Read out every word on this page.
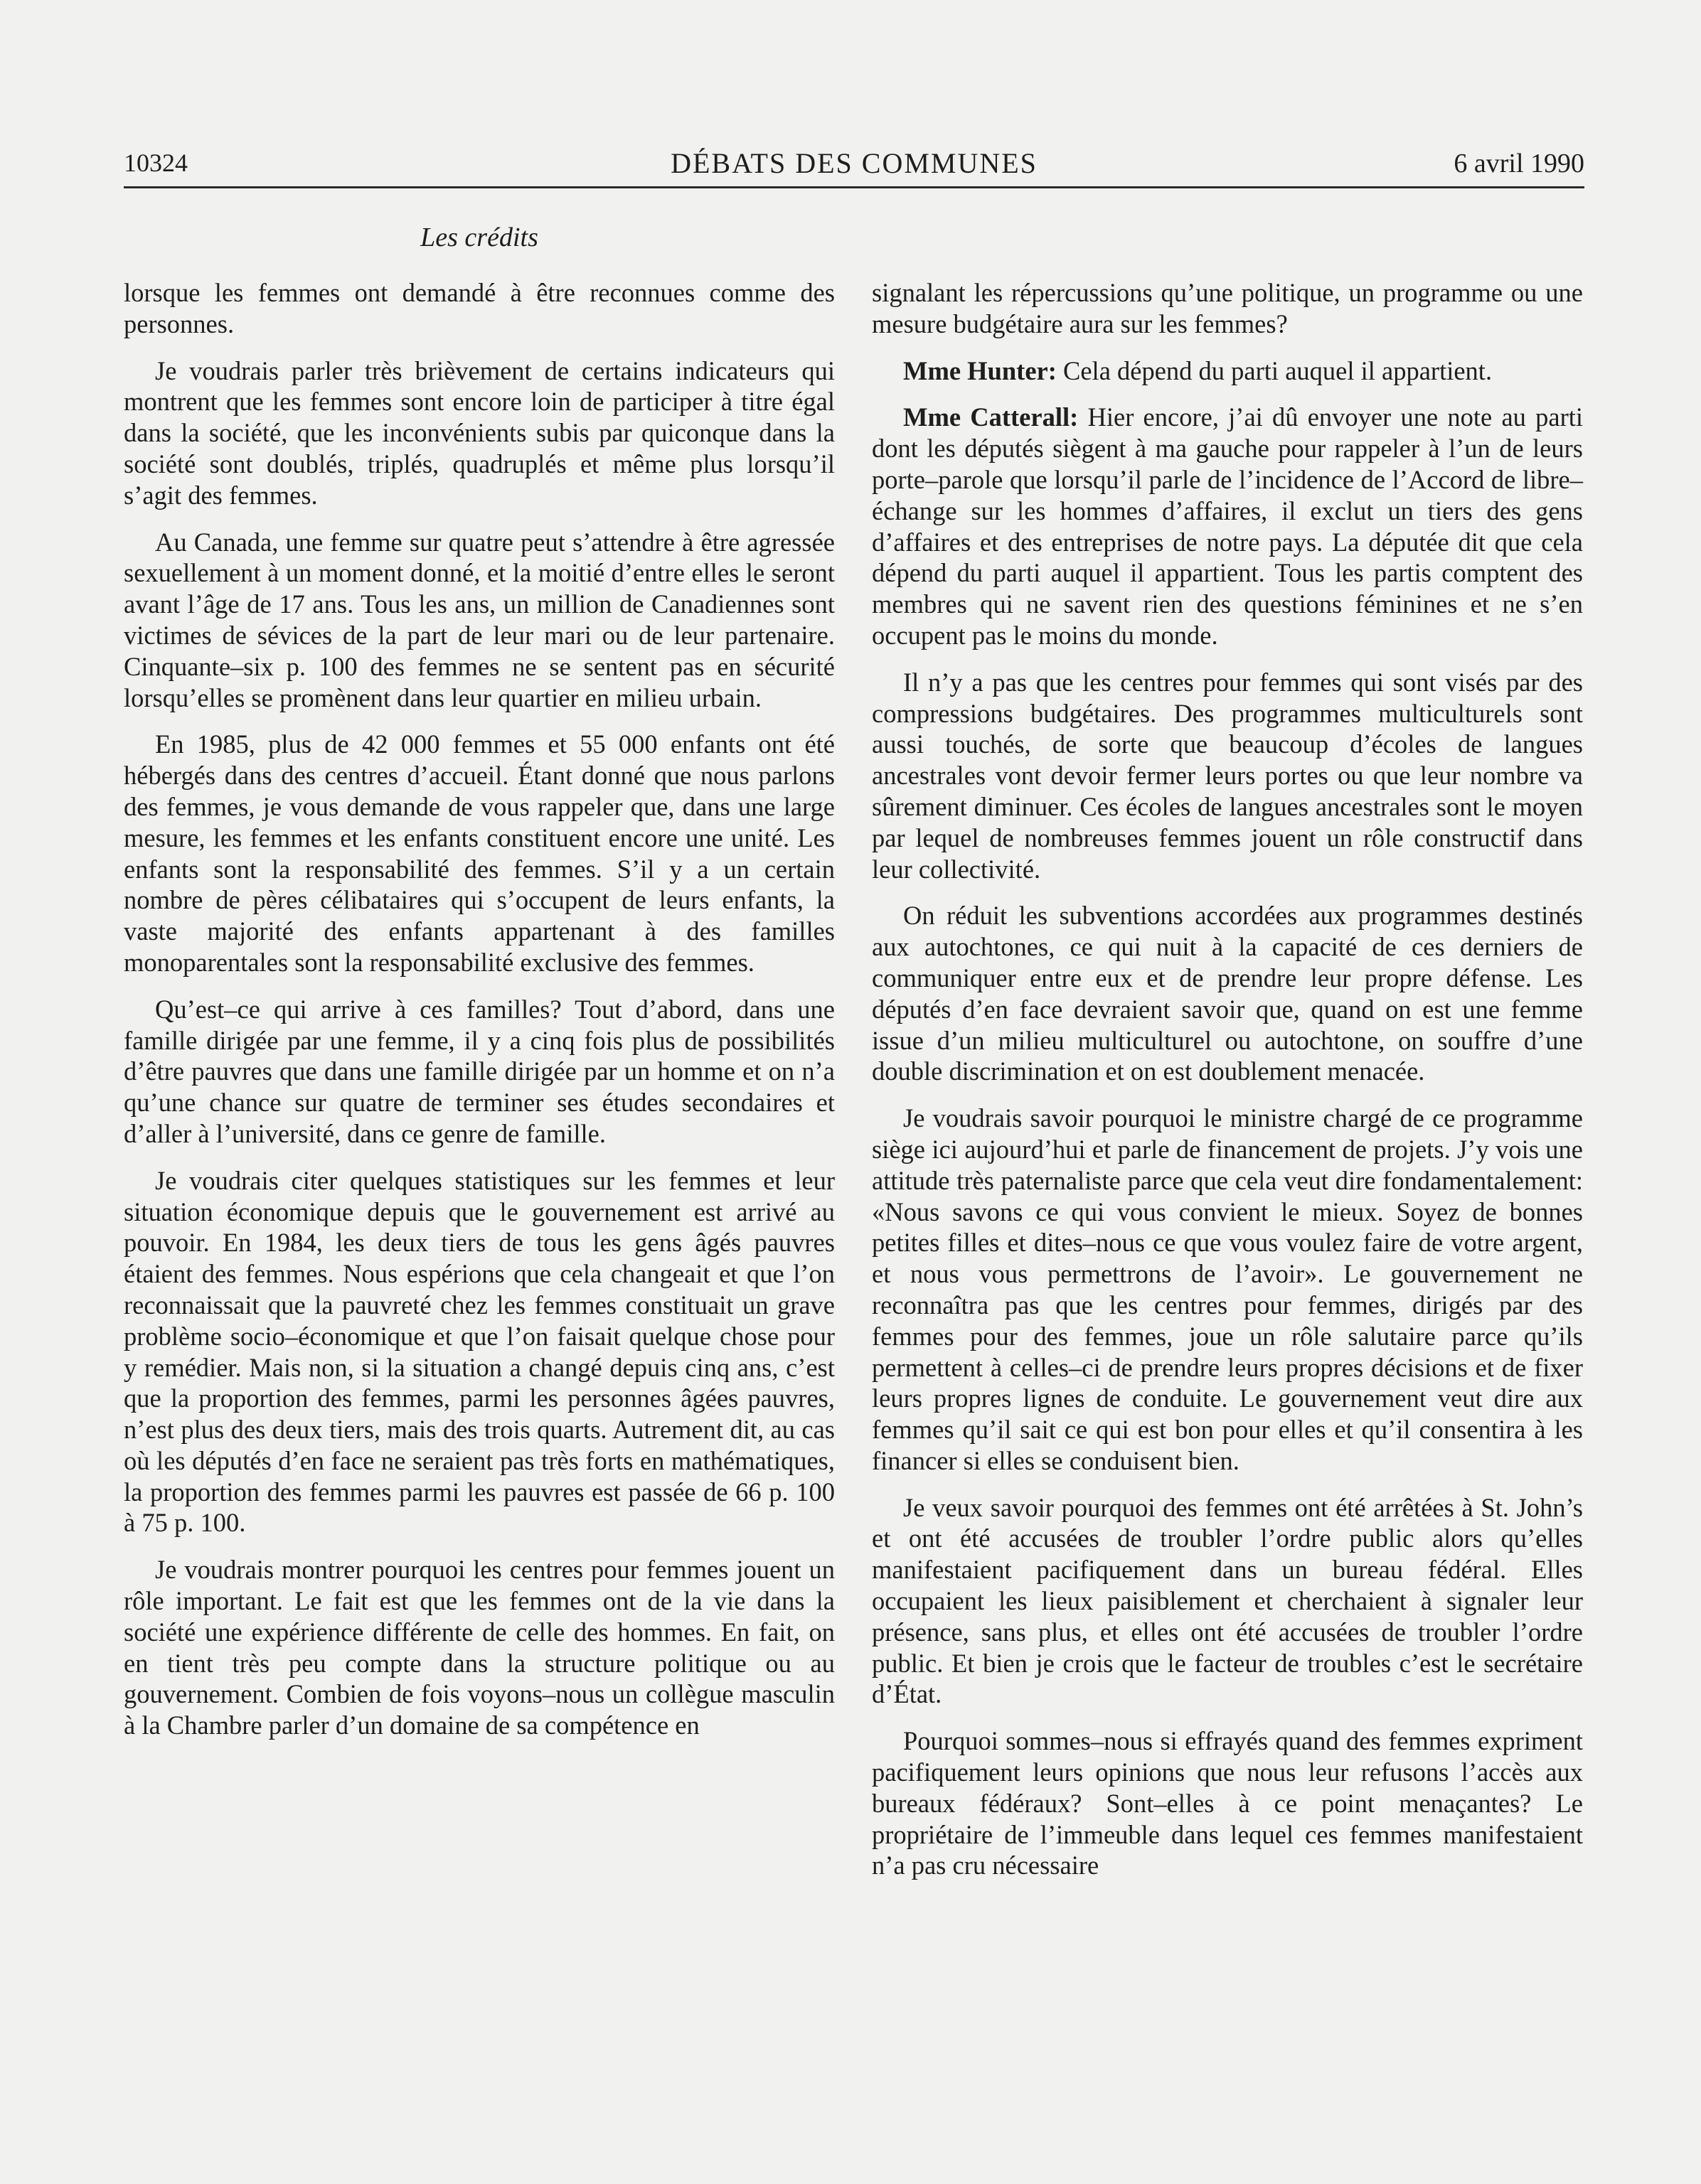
10324	DÉBATS DES COMMUNES	6 avril 1990
Les crédits

lorsque les femmes ont demandé à être reconnues comme des personnes.

Je voudrais parler très brièvement de certains indicateurs qui montrent que les femmes sont encore loin de participer à titre égal dans la société, que les inconvénients subis par quiconque dans la société sont doublés, triplés, quadruplés et même plus lorsqu’il s’agit des femmes.

Au Canada, une femme sur quatre peut s’attendre à être agressée sexuellement à un moment donné, et la moitié d’entre elles le seront avant l’âge de 17 ans. Tous les ans, un million de Canadiennes sont victimes de sévices de la part de leur mari ou de leur partenaire. Cinquante–six p. 100 des femmes ne se sentent pas en sécurité lorsqu’elles se promènent dans leur quartier en milieu urbain.

En 1985, plus de 42 000 femmes et 55 000 enfants ont été hébergés dans des centres d’accueil. Étant donné que nous parlons des femmes, je vous demande de vous rappeler que, dans une large mesure, les femmes et les enfants constituent encore une unité. Les enfants sont la responsabilité des femmes. S’il y a un certain nombre de pères célibataires qui s’occupent de leurs enfants, la vaste majorité des enfants appartenant à des familles monoparentales sont la responsabilité exclusive des femmes.

Qu’est–ce qui arrive à ces familles? Tout d’abord, dans une famille dirigée par une femme, il y a cinq fois plus de possibilités d’être pauvres que dans une famille dirigée par un homme et on n’a qu’une chance sur quatre de terminer ses études secondaires et d’aller à l’université, dans ce genre de famille.

Je voudrais citer quelques statistiques sur les femmes et leur situation économique depuis que le gouvernement est arrivé au pouvoir. En 1984, les deux tiers de tous les gens âgés pauvres étaient des femmes. Nous espérions que cela changeait et que l’on reconnaissait que la pauvreté chez les femmes constituait un grave problème socio–économique et que l’on faisait quelque chose pour y remédier. Mais non, si la situation a changé depuis cinq ans, c’est que la proportion des femmes, parmi les personnes âgées pauvres, n’est plus des deux tiers, mais des trois quarts. Autrement dit, au cas où les députés d’en face ne seraient pas très forts en mathématiques, la proportion des femmes parmi les pauvres est passée de 66 p. 100 à 75 p. 100.

Je voudrais montrer pourquoi les centres pour femmes jouent un rôle important. Le fait est que les femmes ont de la vie dans la société une expérience différente de celle des hommes. En fait, on en tient très peu compte dans la structure politique ou au gouvernement. Combien de fois voyons–nous un collègue masculin à la Chambre parler d’un domaine de sa compétence en

signalant les répercussions qu’une politique, un programme ou une mesure budgétaire aura sur les femmes?

Mme Hunter: Cela dépend du parti auquel il appartient.

Mme Catterall: Hier encore, j’ai dû envoyer une note au parti dont les députés siègent à ma gauche pour rappeler à l’un de leurs porte–parole que lorsqu’il parle de l’incidence de l’Accord de libre–échange sur les hommes d’affaires, il exclut un tiers des gens d’affaires et des entreprises de notre pays. La députée dit que cela dépend du parti auquel il appartient. Tous les partis comptent des membres qui ne savent rien des questions féminines et ne s’en occupent pas le moins du monde.

Il n’y a pas que les centres pour femmes qui sont visés par des compressions budgétaires. Des programmes multiculturels sont aussi touchés, de sorte que beaucoup d’écoles de langues ancestrales vont devoir fermer leurs portes ou que leur nombre va sûrement diminuer. Ces écoles de langues ancestrales sont le moyen par lequel de nombreuses femmes jouent un rôle constructif dans leur collectivité.

On réduit les subventions accordées aux programmes destinés aux autochtones, ce qui nuit à la capacité de ces derniers de communiquer entre eux et de prendre leur propre défense. Les députés d’en face devraient savoir que, quand on est une femme issue d’un milieu multiculturel ou autochtone, on souffre d’une double discrimination et on est doublement menacée.

Je voudrais savoir pourquoi le ministre chargé de ce programme siège ici aujourd’hui et parle de financement de projets. J’y vois une attitude très paternaliste parce que cela veut dire fondamentalement: «Nous savons ce qui vous convient le mieux. Soyez de bonnes petites filles et dites–nous ce que vous voulez faire de votre argent, et nous vous permettrons de l’avoir». Le gouvernement ne reconnaîtra pas que les centres pour femmes, dirigés par des femmes pour des femmes, joue un rôle salutaire parce qu’ils permettent à celles–ci de prendre leurs propres décisions et de fixer leurs propres lignes de conduite. Le gouvernement veut dire aux femmes qu’il sait ce qui est bon pour elles et qu’il consentira à les financer si elles se conduisent bien.

Je veux savoir pourquoi des femmes ont été arrêtées à St. John’s et ont été accusées de troubler l’ordre public alors qu’elles manifestaient pacifiquement dans un bureau fédéral. Elles occupaient les lieux paisiblement et cherchaient à signaler leur présence, sans plus, et elles ont été accusées de troubler l’ordre public. Et bien je crois que le facteur de troubles c’est le secrétaire d’État.

Pourquoi sommes–nous si effrayés quand des femmes expriment pacifiquement leurs opinions que nous leur refusons l’accès aux bureaux fédéraux? Sont–elles à ce point menaçantes? Le propriétaire de l’immeuble dans lequel ces femmes manifestaient n’a pas cru nécessaire
